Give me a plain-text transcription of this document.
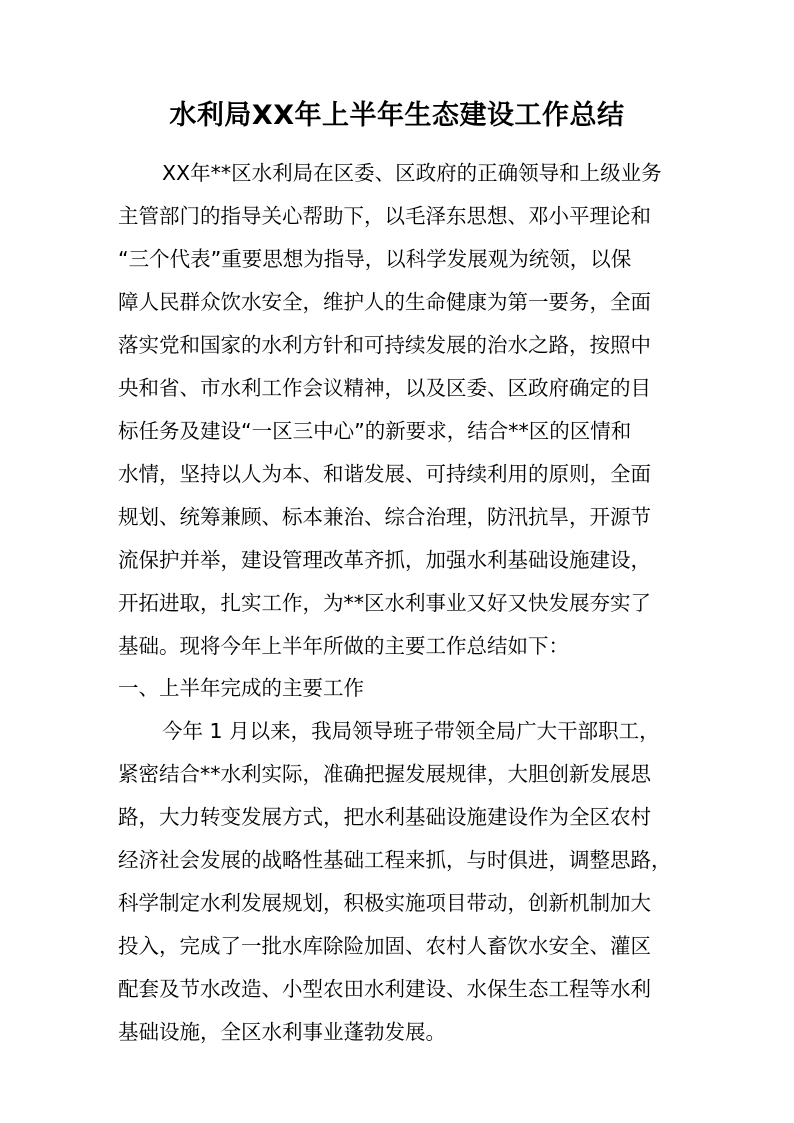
水利局XX年上半年生态建设工作总结
XX年**区水利局在区委、区政府的正确领导和上级业务
主管部门的指导关心帮助下，以毛泽东思想、邓小平理论和
“三个代表”重要思想为指导，以科学发展观为统领，以保
障人民群众饮水安全，维护人的生命健康为第一要务，全面
落实党和国家的水利方针和可持续发展的治水之路，按照中
央和省、市水利工作会议精神，以及区委、区政府确定的目
标任务及建设“一区三中心”的新要求，结合**区的区情和
水情，坚持以人为本、和谐发展、可持续利用的原则，全面
规划、统筹兼顾、标本兼治、综合治理，防汛抗旱，开源节
流保护并举，建设管理改革齐抓，加强水利基础设施建设，
开拓进取，扎实工作，为**区水利事业又好又快发展夯实了
基础。现将今年上半年所做的主要工作总结如下：
一、上半年完成的主要工作
今年 1 月以来，我局领导班子带领全局广大干部职工，
紧密结合**水利实际，准确把握发展规律，大胆创新发展思
路，大力转变发展方式，把水利基础设施建设作为全区农村
经济社会发展的战略性基础工程来抓，与时俱进，调整思路，
科学制定水利发展规划，积极实施项目带动，创新机制加大
投入，完成了一批水库除险加固、农村人畜饮水安全、灌区
配套及节水改造、小型农田水利建设、水保生态工程等水利
基础设施，全区水利事业蓬勃发展。
